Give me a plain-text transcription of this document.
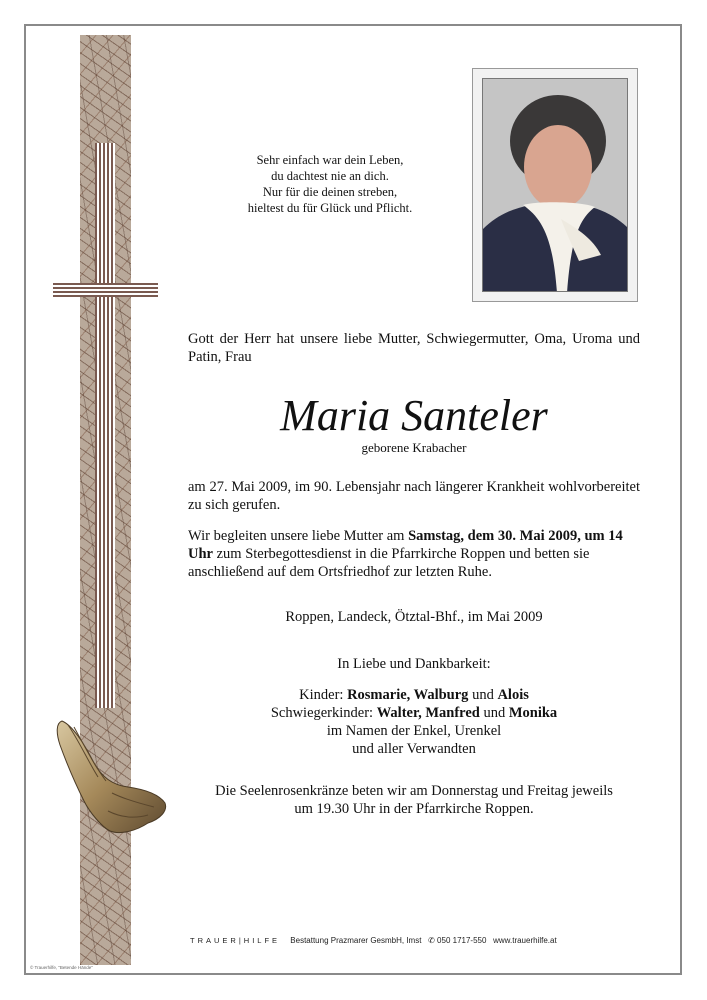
Sehr einfach war dein Leben,
du dachtest nie an dich.
Nur für die deinen streben,
hieltest du für Glück und Pflicht.
Gott der Herr hat unsere liebe Mutter, Schwiegermutter, Oma, Uroma und Patin, Frau
Maria Santeler
geborene Krabacher
am 27. Mai 2009, im 90. Lebensjahr nach längerer Krankheit wohlvorbereitet zu sich gerufen.
Wir begleiten unsere liebe Mutter am Samstag, dem 30. Mai 2009, um 14 Uhr zum Sterbegottesdienst in die Pfarrkirche Roppen und betten sie anschließend auf dem Ortsfriedhof zur letzten Ruhe.
Roppen, Landeck, Ötztal-Bhf., im Mai 2009
In Liebe und Dankbarkeit:
Kinder: Rosmarie, Walburg und Alois
Schwiegerkinder: Walter, Manfred und Monika
im Namen der Enkel, Urenkel
und aller Verwandten
Die Seelenrosenkränze beten wir am Donnerstag und Freitag jeweils
um 19.30 Uhr in der Pfarrkirche Roppen.
TRAUER|HILFE Bestattung Prazmarer GesmbH, Imst ✆ 050 1717-550 www.trauerhilfe.at
© Trauerhilfe, "Betende Hände"
